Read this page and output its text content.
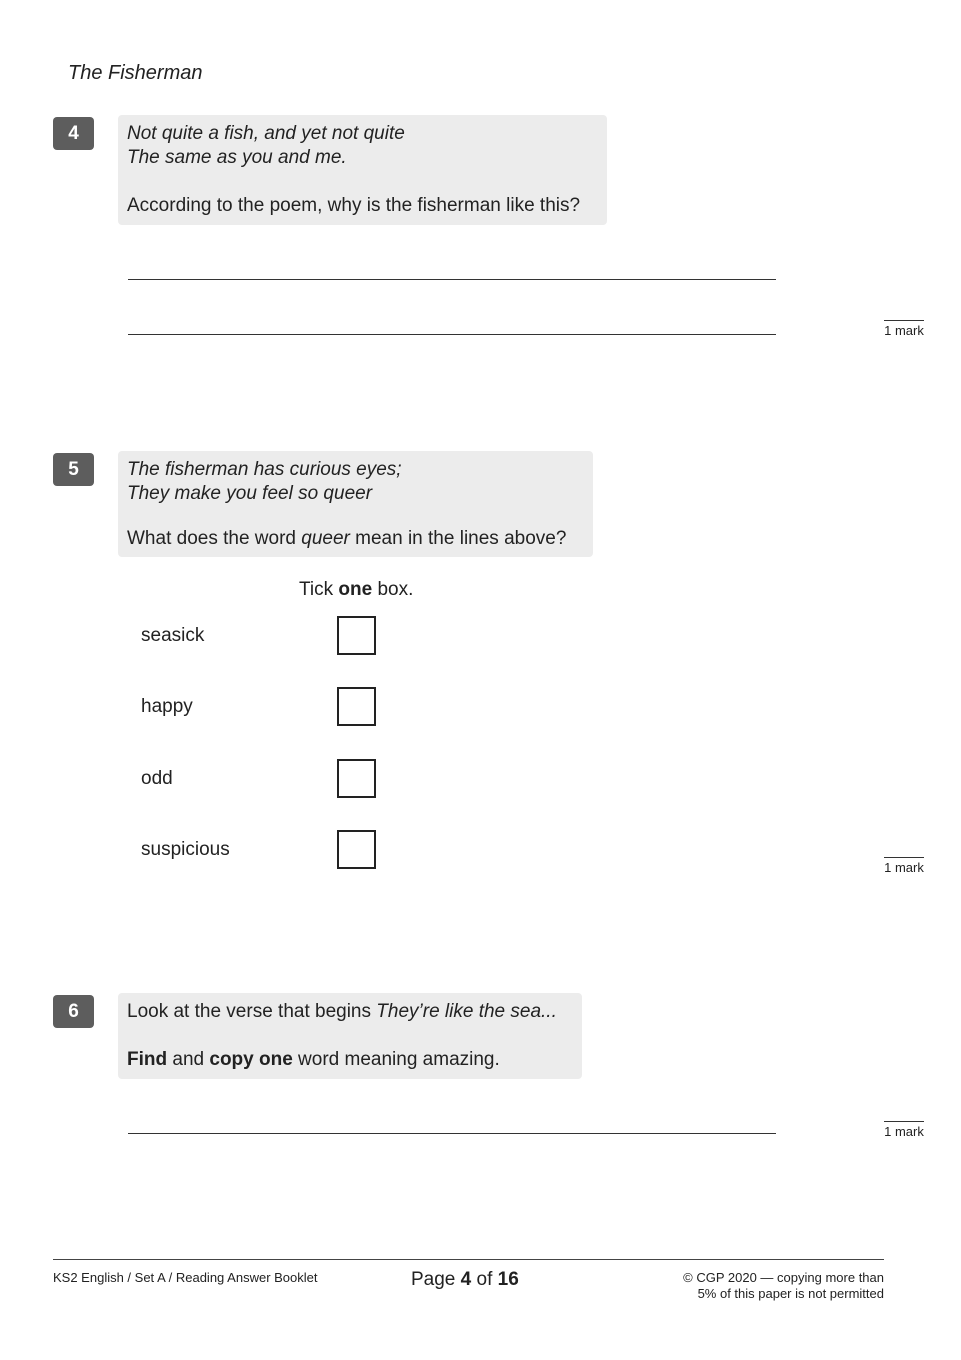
The Fisherman
4	Not quite a fish, and yet not quite
The same as you and me.
According to the poem, why is the fisherman like this?
1 mark
5	The fisherman has curious eyes;
They make you feel so queer
What does the word queer mean in the lines above?
Tick one box.
seasick
happy
odd
suspicious
1 mark
6	Look at the verse that begins They’re like the sea...
Find and copy one word meaning amazing.
1 mark
KS2 English / Set A / Reading Answer Booklet	Page 4 of 16	© CGP 2020 — copying more than
5% of this paper is not permitted
